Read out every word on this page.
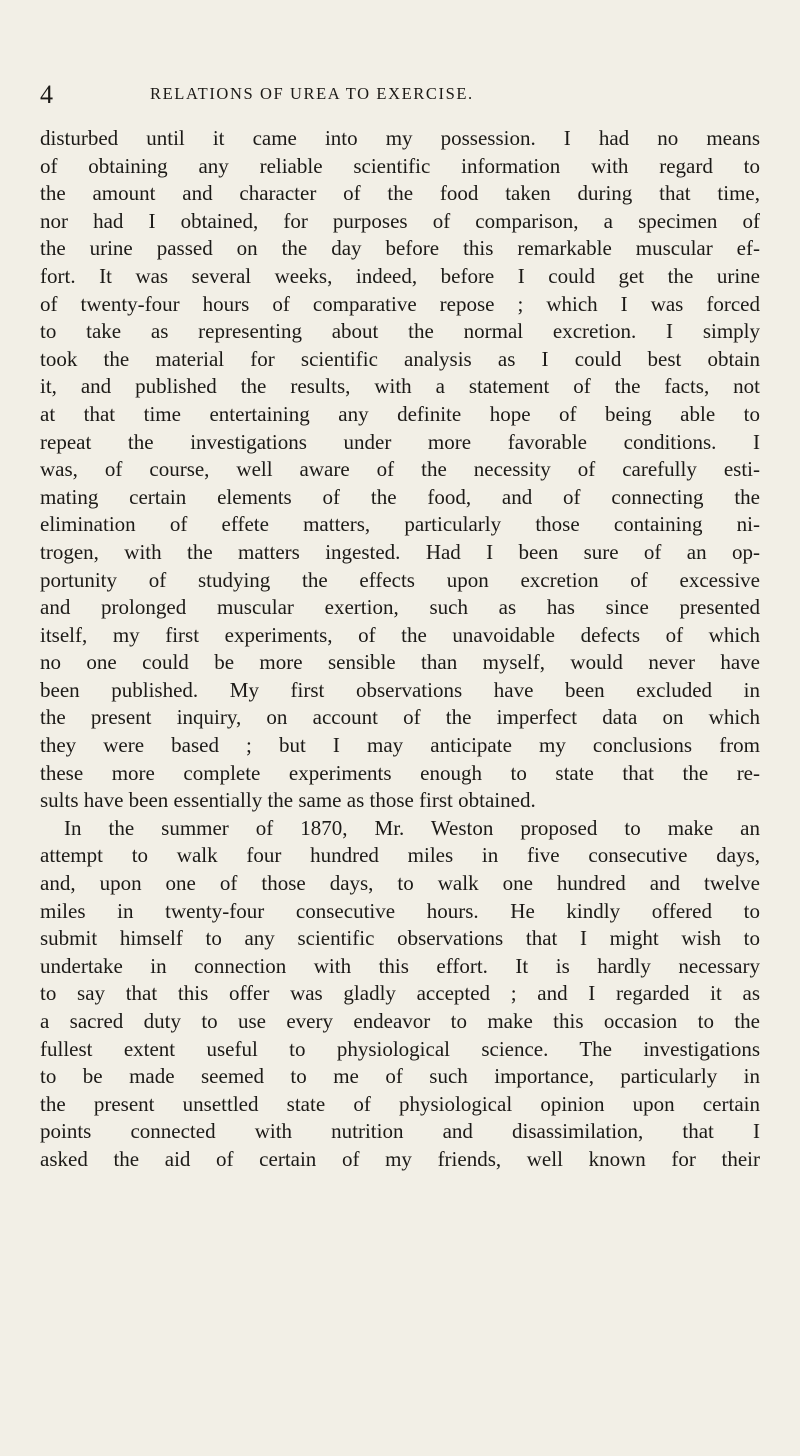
4	RELATIONS OF UREA TO EXERCISE.
disturbed until it came into my possession. I had no means
of obtaining any reliable scientific information with regard to
the amount and character of the food taken during that time,
nor had I obtained, for purposes of comparison, a specimen of
the urine passed on the day before this remarkable muscular ef-
fort. It was several weeks, indeed, before I could get the urine
of twenty-four hours of comparative repose ; which I was forced
to take as representing about the normal excretion. I simply
took the material for scientific analysis as I could best obtain
it, and published the results, with a statement of the facts, not
at that time entertaining any definite hope of being able to
repeat the investigations under more favorable conditions. I
was, of course, well aware of the necessity of carefully esti-
mating certain elements of the food, and of connecting the
elimination of effete matters, particularly those containing ni-
trogen, with the matters ingested. Had I been sure of an op-
portunity of studying the effects upon excretion of excessive
and prolonged muscular exertion, such as has since presented
itself, my first experiments, of the unavoidable defects of which
no one could be more sensible than myself, would never have
been published. My first observations have been excluded in
the present inquiry, on account of the imperfect data on which
they were based ; but I may anticipate my conclusions from
these more complete experiments enough to state that the re-
sults have been essentially the same as those first obtained.
In the summer of 1870, Mr. Weston proposed to make an
attempt to walk four hundred miles in five consecutive days,
and, upon one of those days, to walk one hundred and twelve
miles in twenty-four consecutive hours. He kindly offered to
submit himself to any scientific observations that I might wish to
undertake in connection with this effort. It is hardly necessary
to say that this offer was gladly accepted ; and I regarded it as
a sacred duty to use every endeavor to make this occasion to the
fullest extent useful to physiological science. The investigations
to be made seemed to me of such importance, particularly in
the present unsettled state of physiological opinion upon certain
points connected with nutrition and disassimilation, that I
asked the aid of certain of my friends, well known for their
